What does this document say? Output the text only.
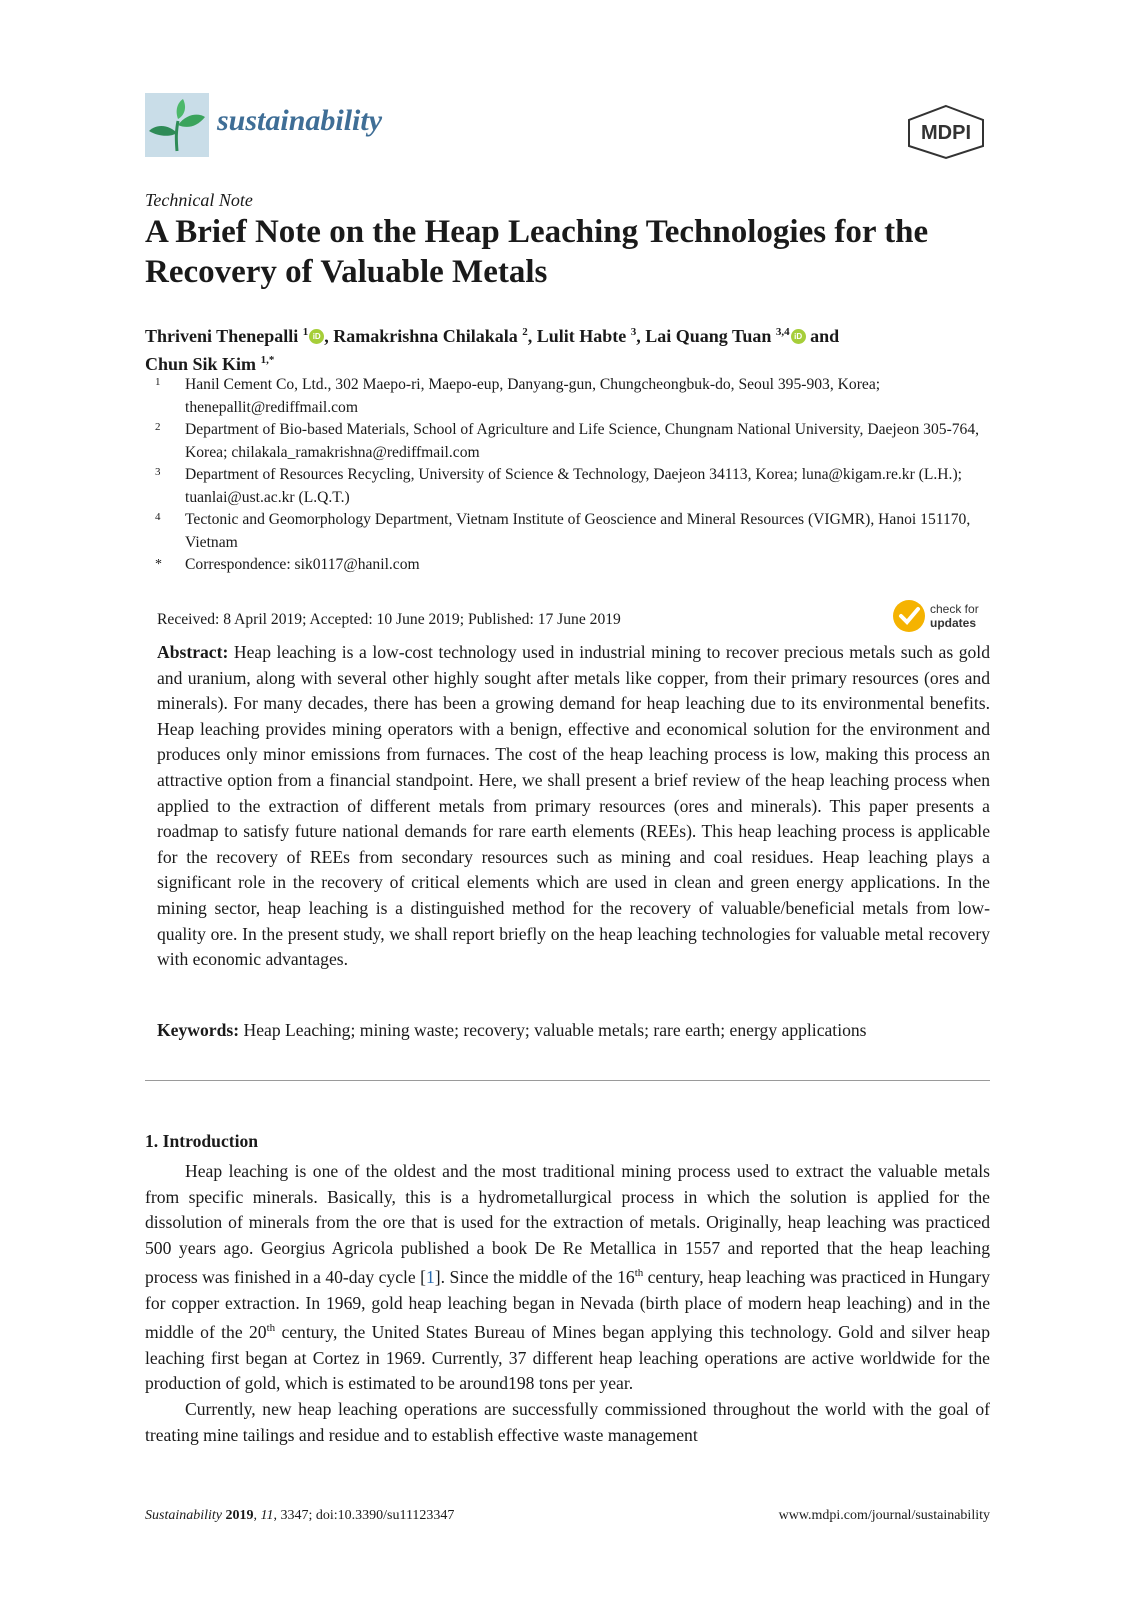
sustainability	MDPI
Technical Note
A Brief Note on the Heap Leaching Technologies for the Recovery of Valuable Metals
Thriveni Thenepalli $^1$ iD , Ramakrishna Chilakala $^2$, Lulit Habte $^3$, Lai Quang Tuan $^{3,4}$ iD and
Chun Sik Kim $^{1,*}$
1 Hanil Cement Co, Ltd., 302 Maepo-ri, Maepo-eup, Danyang-gun, Chungcheongbuk-do, Seoul 395-903, Korea; thenepallit@rediffmail.com
2 Department of Bio-based Materials, School of Agriculture and Life Science, Chungnam National University, Daejeon 305-764, Korea; chilakala_ramakrishna@rediffmail.com
3 Department of Resources Recycling, University of Science & Technology, Daejeon 34113, Korea; luna@kigam.re.kr (L.H.); tuanlai@ust.ac.kr (L.Q.T.)
4 Tectonic and Geomorphology Department, Vietnam Institute of Geoscience and Mineral Resources (VIGMR), Hanoi 151170, Vietnam
* Correspondence: sik0117@hanil.com
Received: 8 April 2019; Accepted: 10 June 2019; Published: 17 June 2019
check for
updates

Abstract: Heap leaching is a low-cost technology used in industrial mining to recover precious metals such as gold and uranium, along with several other highly sought after metals like copper, from their primary resources (ores and minerals). For many decades, there has been a growing demand for heap leaching due to its environmental benefits. Heap leaching provides mining operators with a benign, effective and economical solution for the environment and produces only minor emissions from furnaces. The cost of the heap leaching process is low, making this process an attractive option from a financial standpoint. Here, we shall present a brief review of the heap leaching process when applied to the extraction of different metals from primary resources (ores and minerals). This paper presents a roadmap to satisfy future national demands for rare earth elements (REEs). This heap leaching process is applicable for the recovery of REEs from secondary resources such as mining and coal residues. Heap leaching plays a significant role in the recovery of critical elements which are used in clean and green energy applications. In the mining sector, heap leaching is a distinguished method for the recovery of valuable/beneficial metals from low-quality ore. In the present study, we shall report briefly on the heap leaching technologies for valuable metal recovery with economic advantages.

Keywords: Heap Leaching; mining waste; recovery; valuable metals; rare earth; energy applications

1. Introduction

Heap leaching is one of the oldest and the most traditional mining process used to extract the valuable metals from specific minerals. Basically, this is a hydrometallurgical process in which the solution is applied for the dissolution of minerals from the ore that is used for the extraction of metals. Originally, heap leaching was practiced 500 years ago. Georgius Agricola published a book De Re Metallica in 1557 and reported that the heap leaching process was finished in a 40-day cycle [1]. Since the middle of the 16th century, heap leaching was practiced in Hungary for copper extraction. In 1969, gold heap leaching began in Nevada (birth place of modern heap leaching) and in the middle of the 20th century, the United States Bureau of Mines began applying this technology. Gold and silver heap leaching first began at Cortez in 1969. Currently, 37 different heap leaching operations are active worldwide for the production of gold, which is estimated to be around198 tons per year.

Currently, new heap leaching operations are successfully commissioned throughout the world with the goal of treating mine tailings and residue and to establish effective waste management

Sustainability 2019, 11, 3347; doi:10.3390/su11123347	www.mdpi.com/journal/sustainability
